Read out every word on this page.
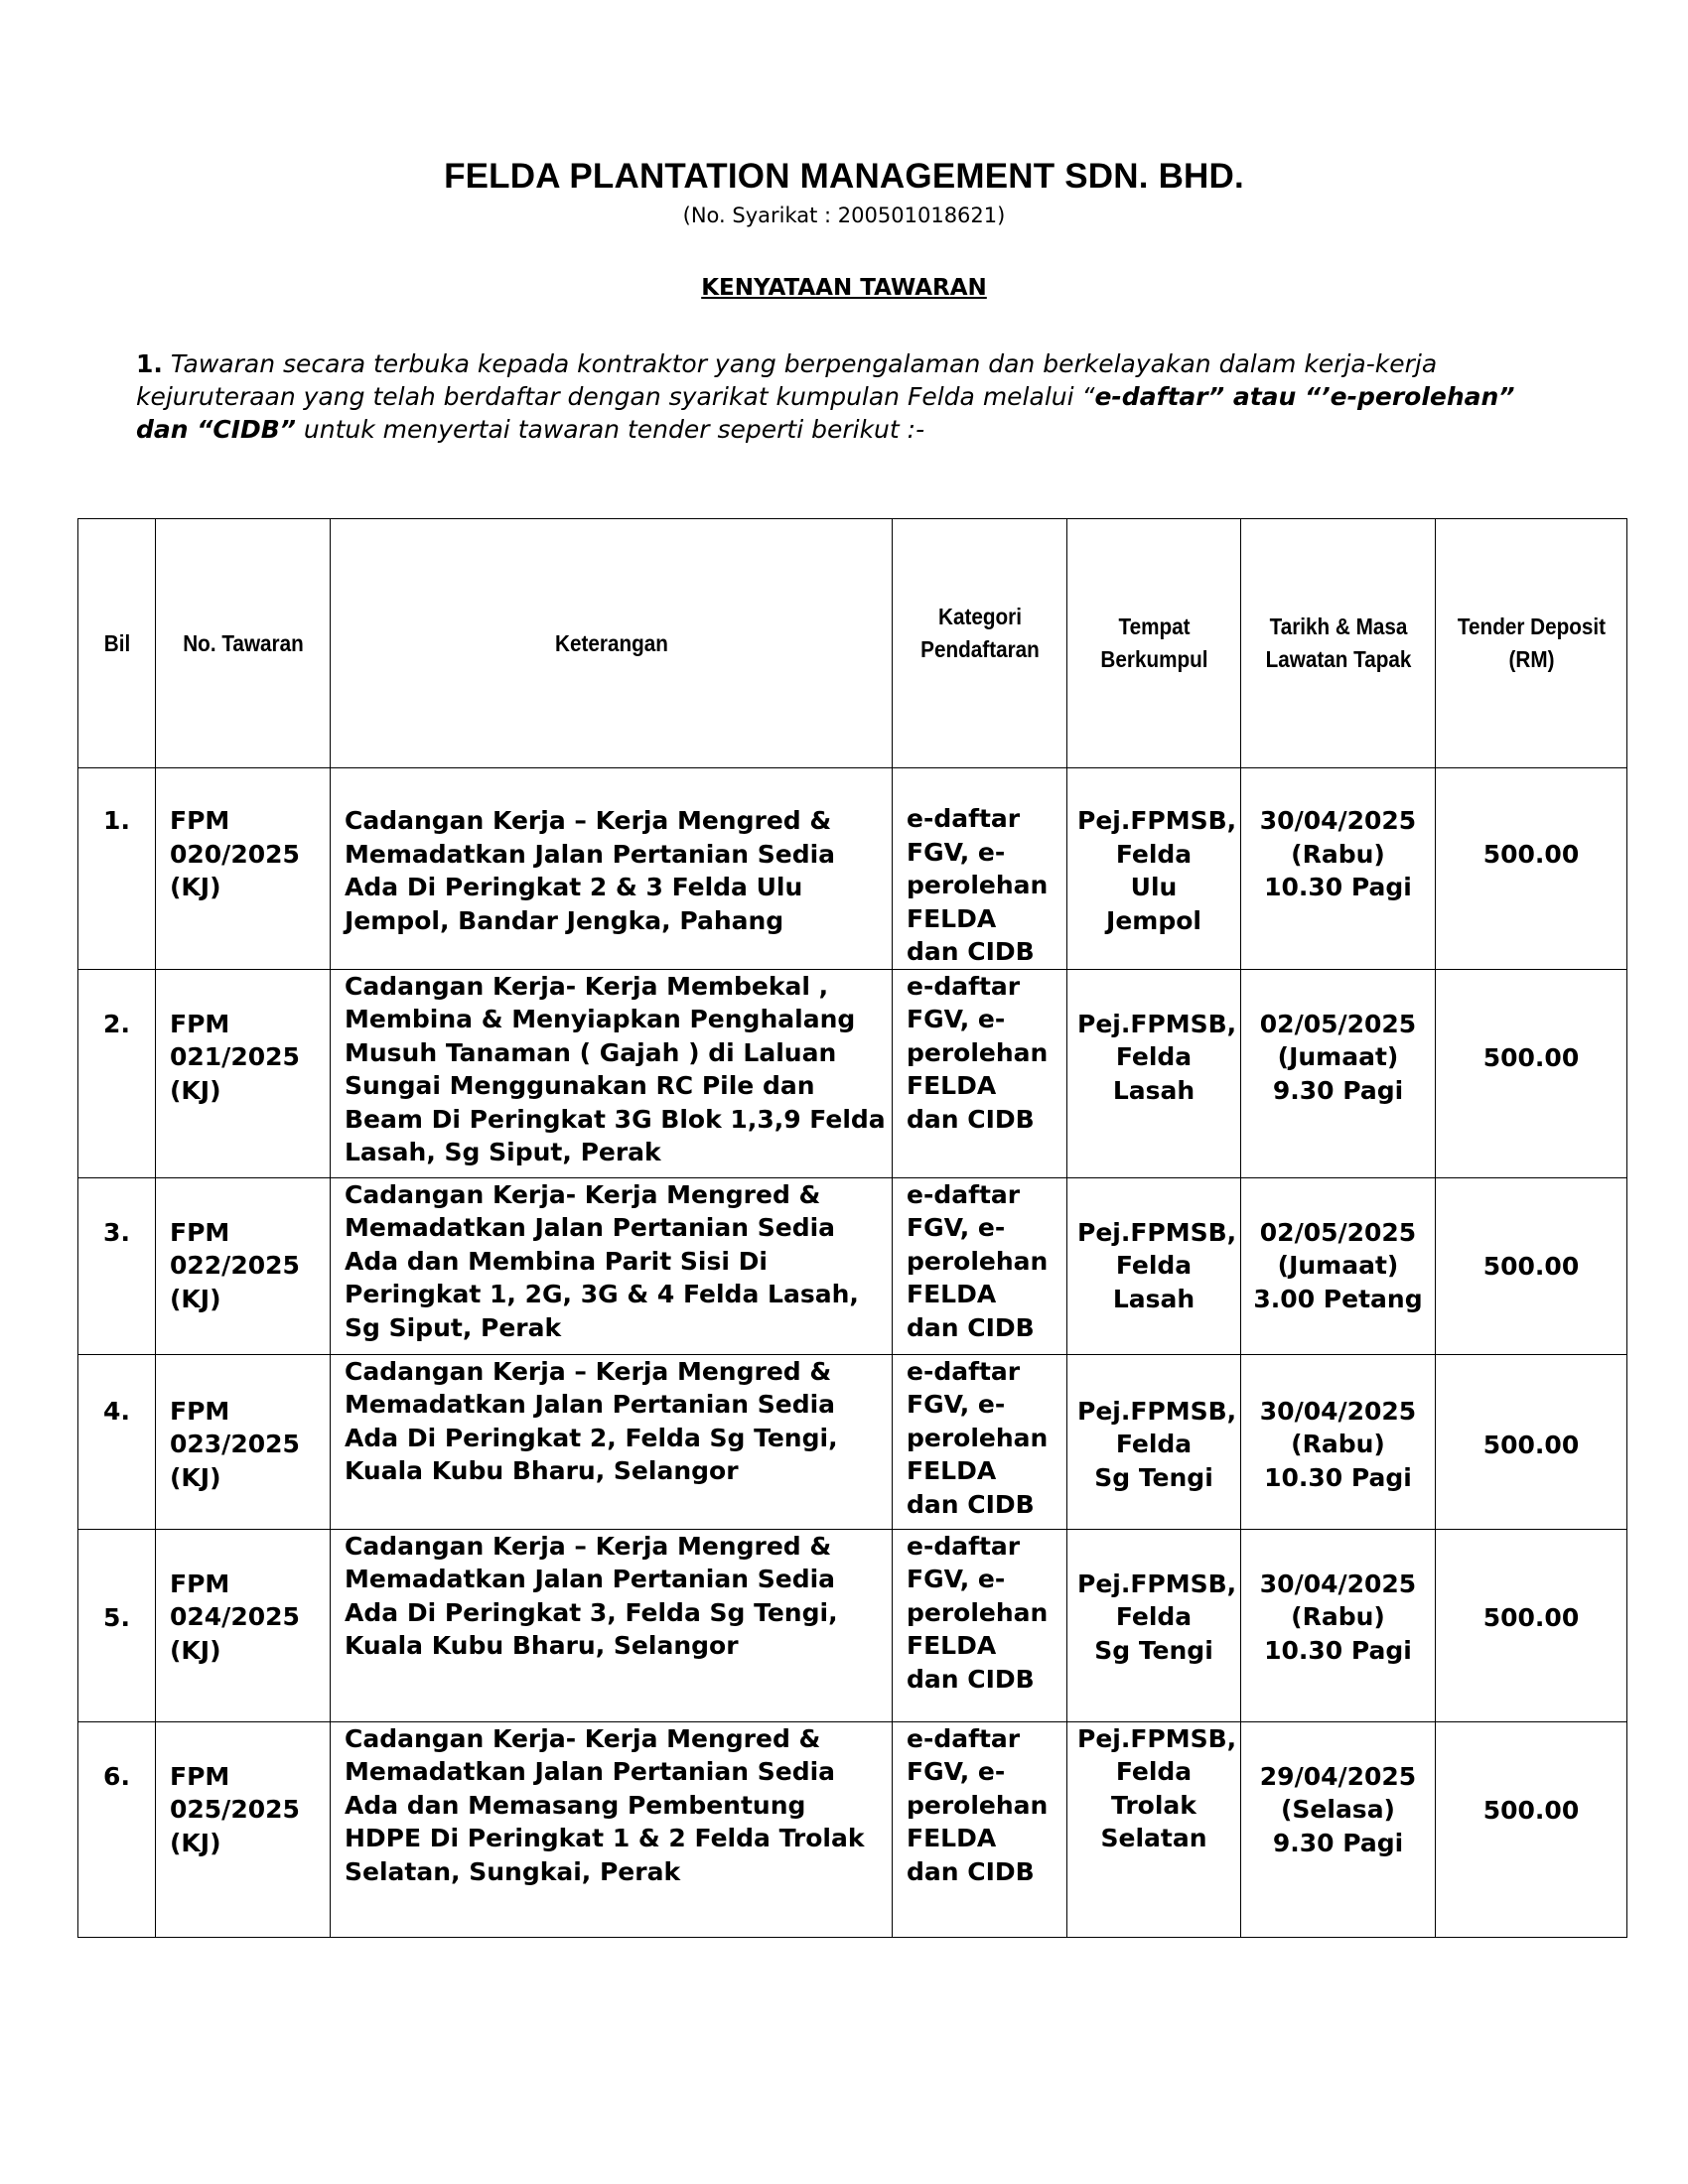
FELDA PLANTATION MANAGEMENT SDN. BHD.
(No. Syarikat : 200501018621)
KENYATAAN TAWARAN
1. Tawaran secara terbuka kepada kontraktor yang berpengalaman dan berkelayakan dalam kerja-kerja kejuruteraan yang telah berdaftar dengan syarikat kumpulan Felda melalui “e-daftar” atau “’e-perolehan” dan “CIDB” untuk menyertai tawaran tender seperti berikut :-
Bil	No. Tawaran	Keterangan	Kategori Pendaftaran	Tempat Berkumpul	Tarikh & Masa Lawatan Tapak	Tender Deposit (RM)
1.	FPM
020/2025
(KJ)	Cadangan Kerja – Kerja Mengred & Memadatkan Jalan Pertanian Sedia Ada Di Peringkat 2 & 3 Felda Ulu Jempol, Bandar Jengka, Pahang	e-daftar FGV, e-perolehan FELDA dan CIDB	Pej.FPMSB,
Felda
Ulu
Jempol	30/04/2025
(Rabu)
10.30 Pagi	500.00
2.	FPM
021/2025
(KJ)	Cadangan Kerja- Kerja Membekal , Membina & Menyiapkan Penghalang Musuh Tanaman ( Gajah ) di Laluan Sungai Menggunakan RC Pile dan Beam Di Peringkat 3G Blok 1,3,9 Felda Lasah, Sg Siput, Perak	e-daftar FGV, e-perolehan FELDA dan CIDB	Pej.FPMSB,
Felda
Lasah	02/05/2025
(Jumaat)
9.30 Pagi	500.00
3.	FPM
022/2025
(KJ)	Cadangan Kerja- Kerja Mengred & Memadatkan Jalan Pertanian Sedia Ada dan Membina Parit Sisi Di Peringkat 1, 2G, 3G & 4 Felda Lasah, Sg Siput, Perak	e-daftar FGV, e-perolehan FELDA dan CIDB	Pej.FPMSB,
Felda
Lasah	02/05/2025
(Jumaat)
3.00 Petang	500.00
4.	FPM
023/2025
(KJ)	Cadangan Kerja – Kerja Mengred & Memadatkan Jalan Pertanian Sedia Ada Di Peringkat 2, Felda Sg Tengi, Kuala Kubu Bharu, Selangor	e-daftar FGV, e-perolehan FELDA dan CIDB	Pej.FPMSB,
Felda
Sg Tengi	30/04/2025
(Rabu)
10.30 Pagi	500.00
5.	FPM
024/2025
(KJ)	Cadangan Kerja – Kerja Mengred & Memadatkan Jalan Pertanian Sedia Ada Di Peringkat 3, Felda Sg Tengi, Kuala Kubu Bharu, Selangor	e-daftar FGV, e-perolehan FELDA dan CIDB	Pej.FPMSB,
Felda
Sg Tengi	30/04/2025
(Rabu)
10.30 Pagi	500.00
6.	FPM
025/2025
(KJ)	Cadangan Kerja- Kerja Mengred & Memadatkan Jalan Pertanian Sedia Ada dan Memasang Pembentung HDPE Di Peringkat 1 & 2 Felda Trolak Selatan, Sungkai, Perak	e-daftar FGV, e-perolehan FELDA dan CIDB	Pej.FPMSB,
Felda
Trolak
Selatan	29/04/2025
(Selasa)
9.30 Pagi	500.00
